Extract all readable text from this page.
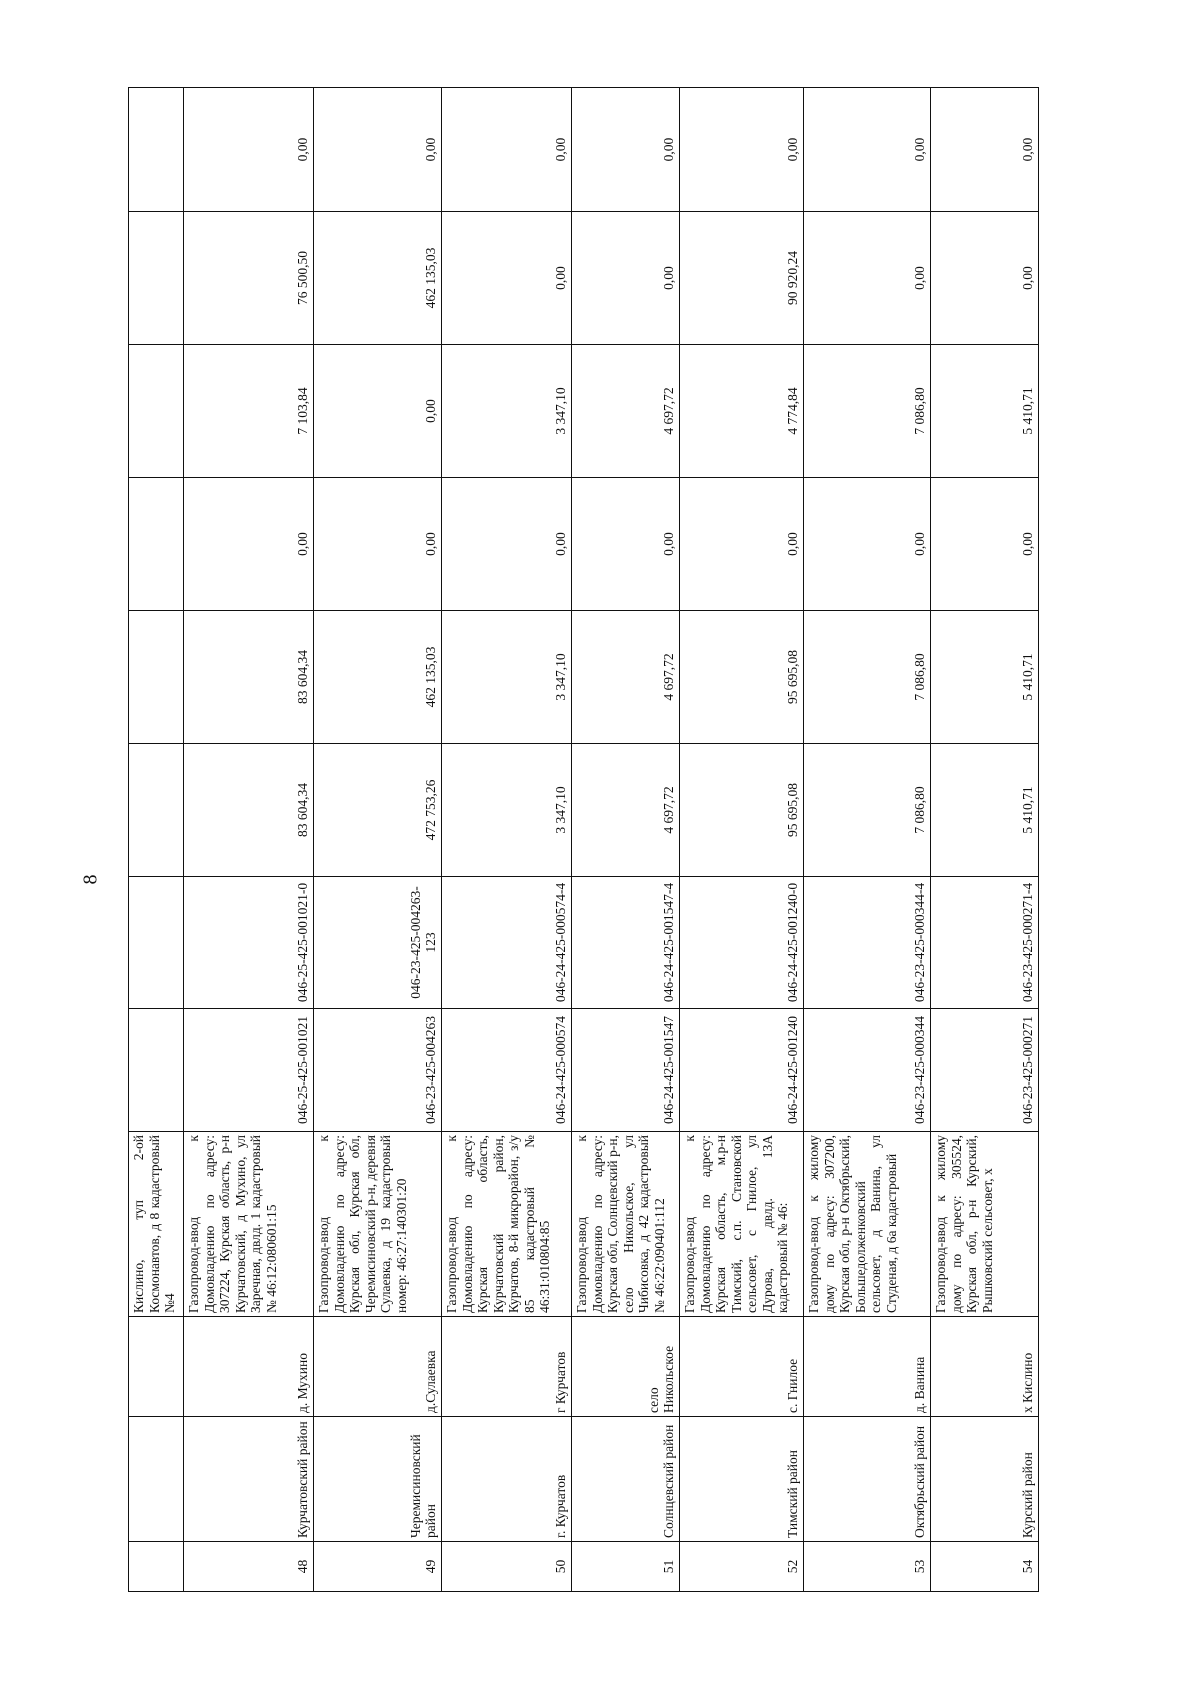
8
			Кислино, туп 2-ой Космонавтов, д 8 кадастровый №4								
48	Курчатовский район	д. Мухино	Газопровод-ввод к Домовладению по адресу: 307224, Курская область, р-н Курчатовский, д Мухино, ул Заречная, двлд. 1 кадастровый № 46:12:080601:15	046-25-425-001021	046-25-425-001021-0	83 604,34	83 604,34	0,00	7 103,84	76 500,50	0,00
49	Черемисиновский район	д.Сулаевка	Газопровод-ввод к Домовладению по адресу: Курская обл, Курская обл, Черемисиновский р-н, деревня Сулаевка, д 19 кадастровый номер: 46:27:140301:20	046-23-425-004263	046-23-425-004263-123	472 753,26	462 135,03	0,00	0,00	462 135,03	0,00
50	г. Курчатов	г Курчатов	Газопровод-ввод к Домовладению по адресу: Курская область, Курчатовский район, Курчатов, 8-й микрорайон, з/у 85 кадастровый № 46:31:010804:85	046-24-425-000574	046-24-425-000574-4	3 347,10	3 347,10	0,00	3 347,10	0,00	0,00
51	Солнцевский район	село Никольское	Газопровод-ввод к Домовладению по адресу: Курская обл, Солнцевский р-н, село Никольское, ул Чибисовка, д 42 кадастровый № 46:22:090401:112	046-24-425-001547	046-24-425-001547-4	4 697,72	4 697,72	0,00	4 697,72	0,00	0,00
52	Тимский район	с. Гнилое	Газопровод-ввод к Домовладению по адресу: Курская область, м.р-н Тимский, с.п. Становской сельсовет, с Гнилое, ул Дурова, двлд. 13А кадастровый № 46:	046-24-425-001240	046-24-425-001240-0	95 695,08	95 695,08	0,00	4 774,84	90 920,24	0,00
53	Октябрьский район	д. Ванина	Газопровод-ввод к жилому дому по адресу: 307200, Курская обл, р-н Октябрьский, Большедолженковский сельсовет, д Ванина, ул Студеная, д 6а кадастровый	046-23-425-000344	046-23-425-000344-4	7 086,80	7 086,80	0,00	7 086,80	0,00	0,00
54	Курский район	х Кислино	Газопровод-ввод к жилому дому по адресу: 305524, Курская обл, р-н Курский, Рышковский сельсовет, х	046-23-425-000271	046-23-425-000271-4	5 410,71	5 410,71	0,00	5 410,71	0,00	0,00
